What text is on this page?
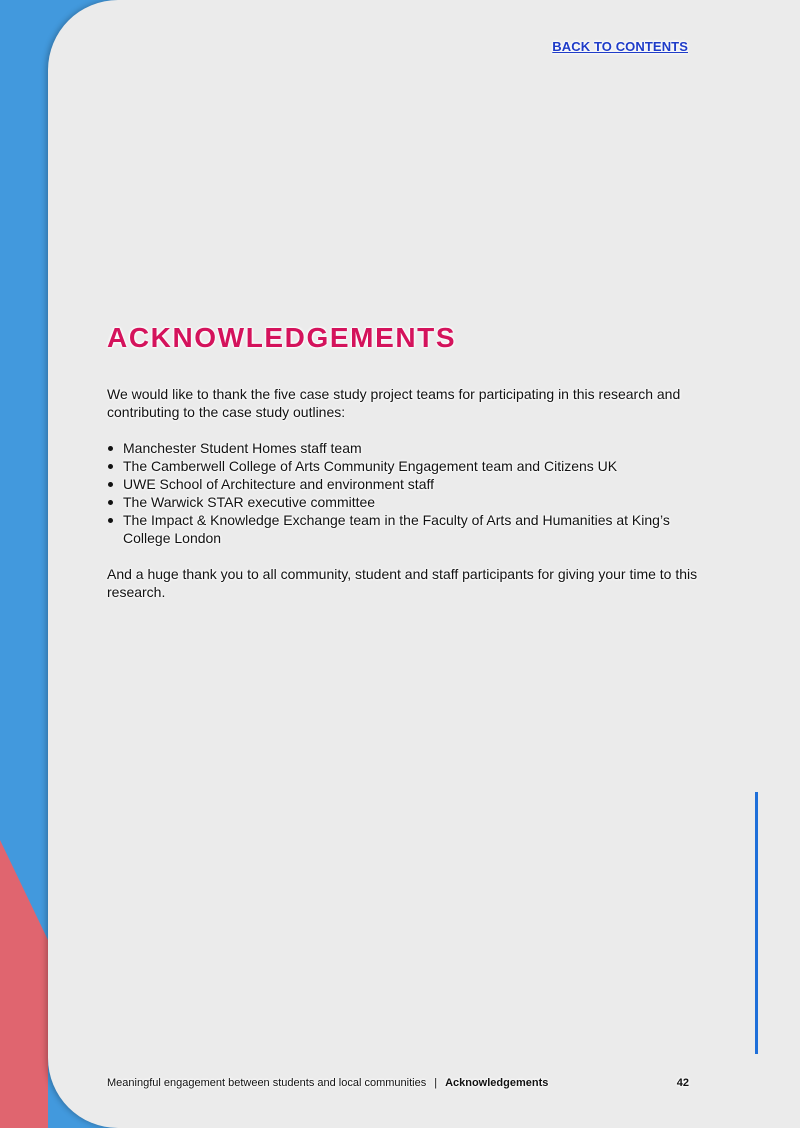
BACK TO CONTENTS
ACKNOWLEDGEMENTS

We would like to thank the five case study project teams for participating in this research and contributing to the case study outlines:

Manchester Student Homes staff team
The Camberwell College of Arts Community Engagement team and Citizens UK
UWE School of Architecture and environment staff
The Warwick STAR executive committee
The Impact & Knowledge Exchange team in the Faculty of Arts and Humanities at King’s College London

And a huge thank you to all community, student and staff participants for giving your time to this research.

Meaningful engagement between students and local communities | Acknowledgements	42
